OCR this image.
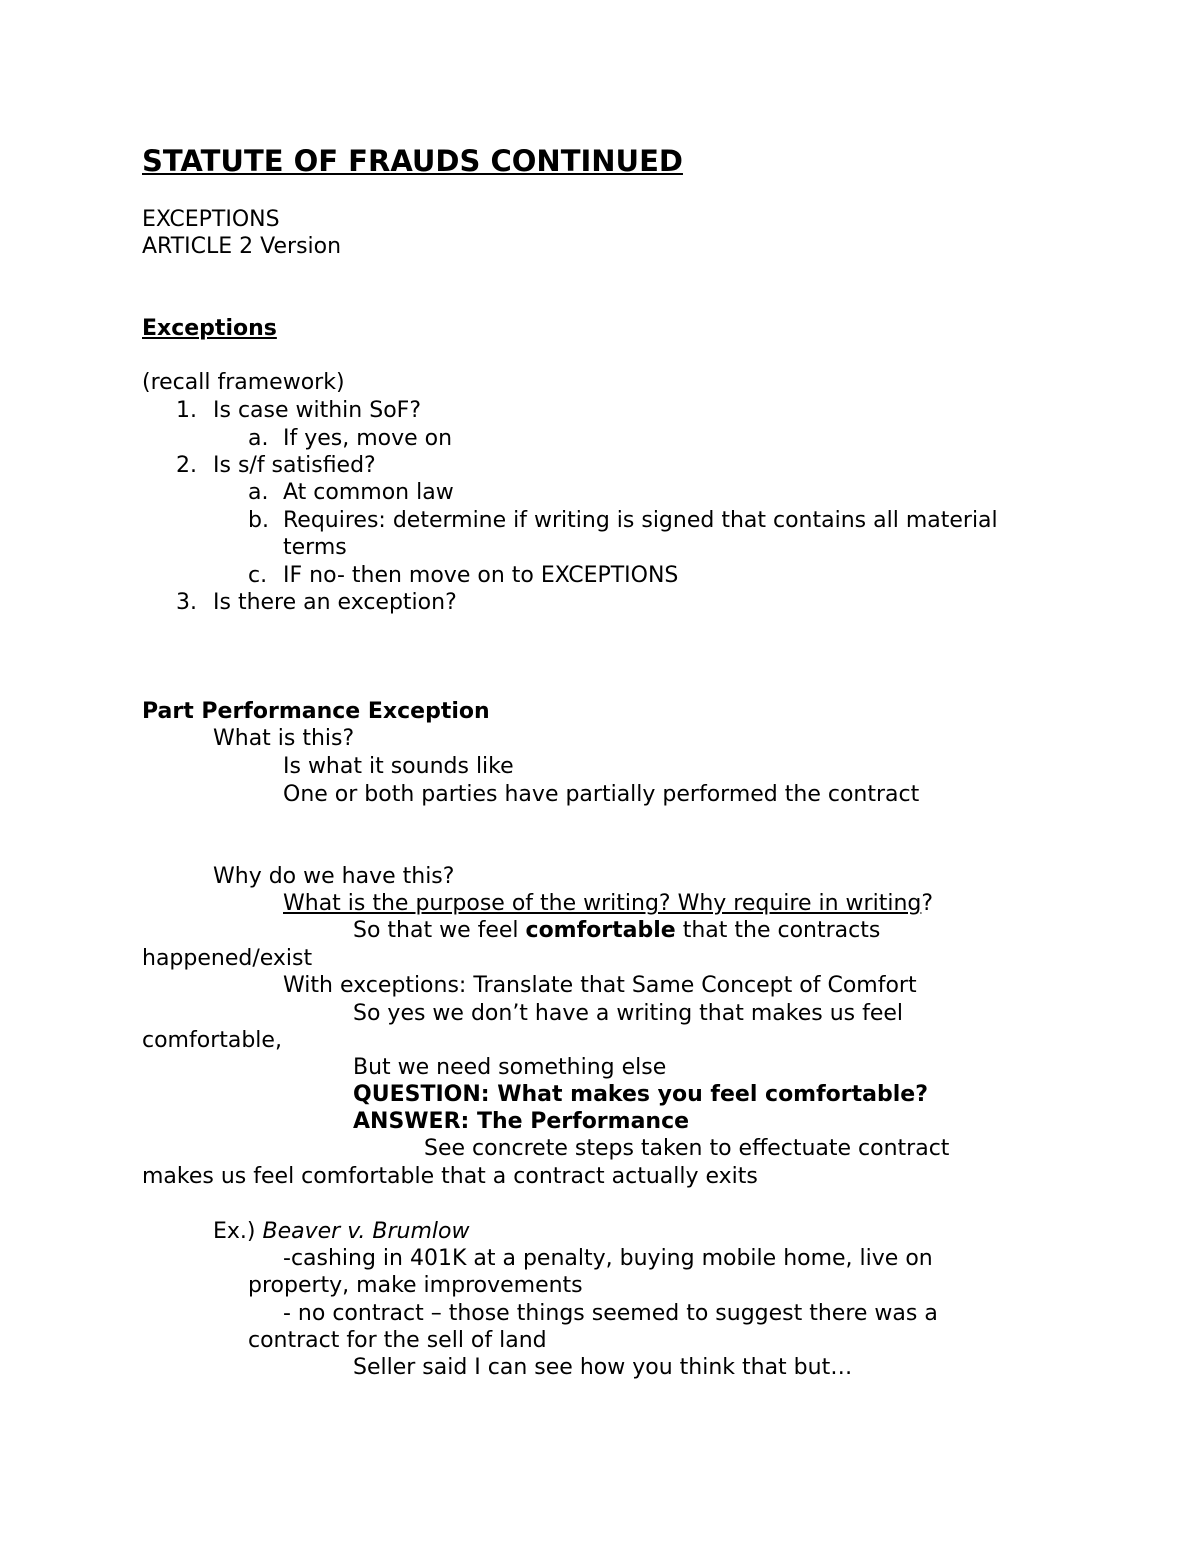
STATUTE OF FRAUDS CONTINUED
EXCEPTIONS
ARTICLE 2 Version
Exceptions
(recall framework)
1. Is case within SoF?
a. If yes, move on
2. Is s/f satisfied?
a. At common law
b. Requires: determine if writing is signed that contains all material
terms
c. IF no- then move on to EXCEPTIONS
3. Is there an exception?
Part Performance Exception
What is this?
Is what it sounds like
One or both parties have partially performed the contract
Why do we have this?
What is the purpose of the writing? Why require in writing?
So that we feel comfortable that the contracts
happened/exist
With exceptions: Translate that Same Concept of Comfort
So yes we don’t have a writing that makes us feel
comfortable,
But we need something else
QUESTION: What makes you feel comfortable?
ANSWER: The Performance
See concrete steps taken to effectuate contract
makes us feel comfortable that a contract actually exits
Ex.) Beaver v. Brumlow
-cashing in 401K at a penalty, buying mobile home, live on
property, make improvements
- no contract – those things seemed to suggest there was a
contract for the sell of land
Seller said I can see how you think that but…
